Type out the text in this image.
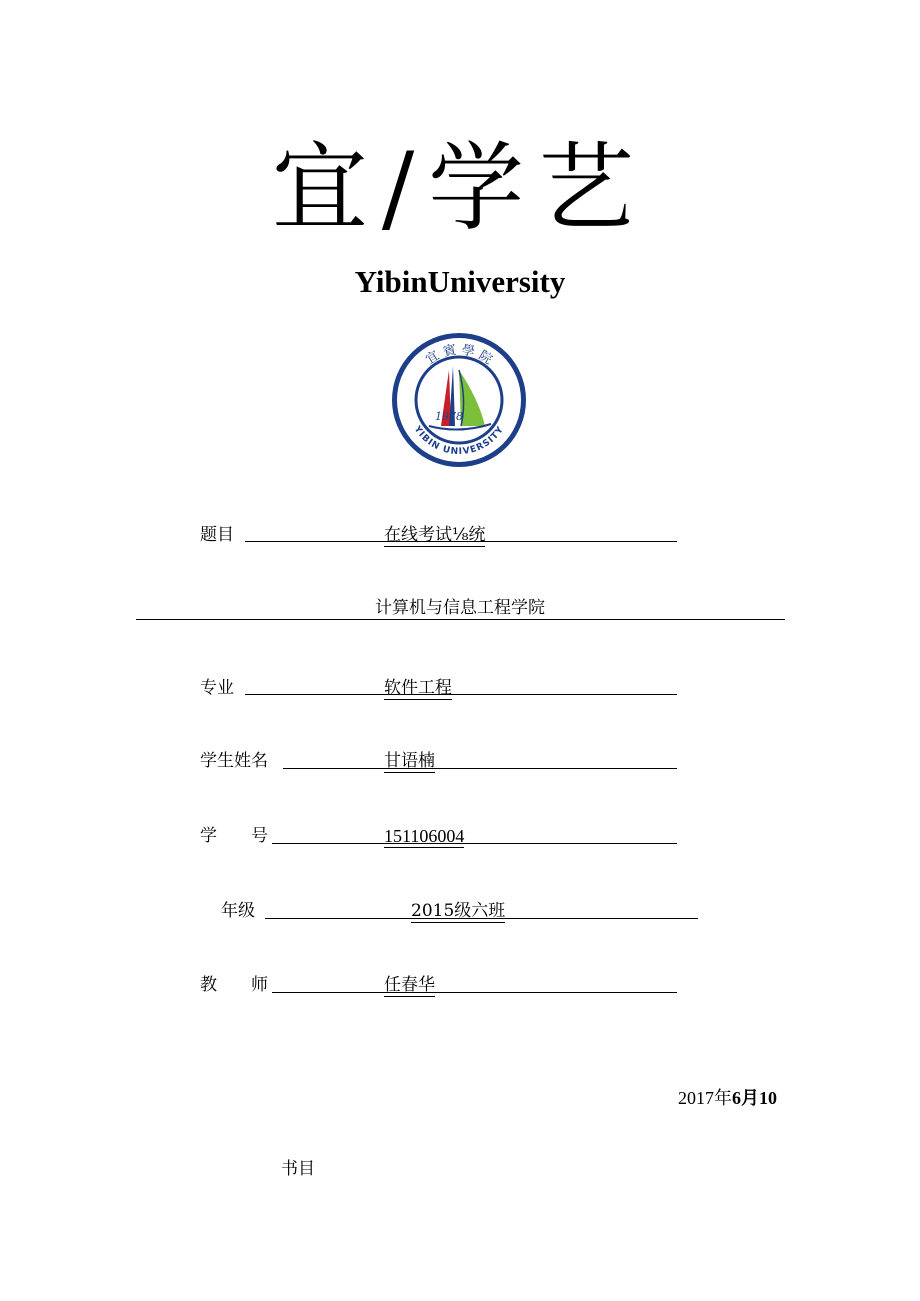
宜/学艺
YibinUniversity
宜 賓 學 院
YIBIN UNIVERSITY
1978
题目	在线考试⅛统
计算机与信息工程学院
专业	软件工程
学生姓名	甘语楠
学　　号	151106004
年级	2015级六班
教　　师	任春华
2017年6月10
书目
